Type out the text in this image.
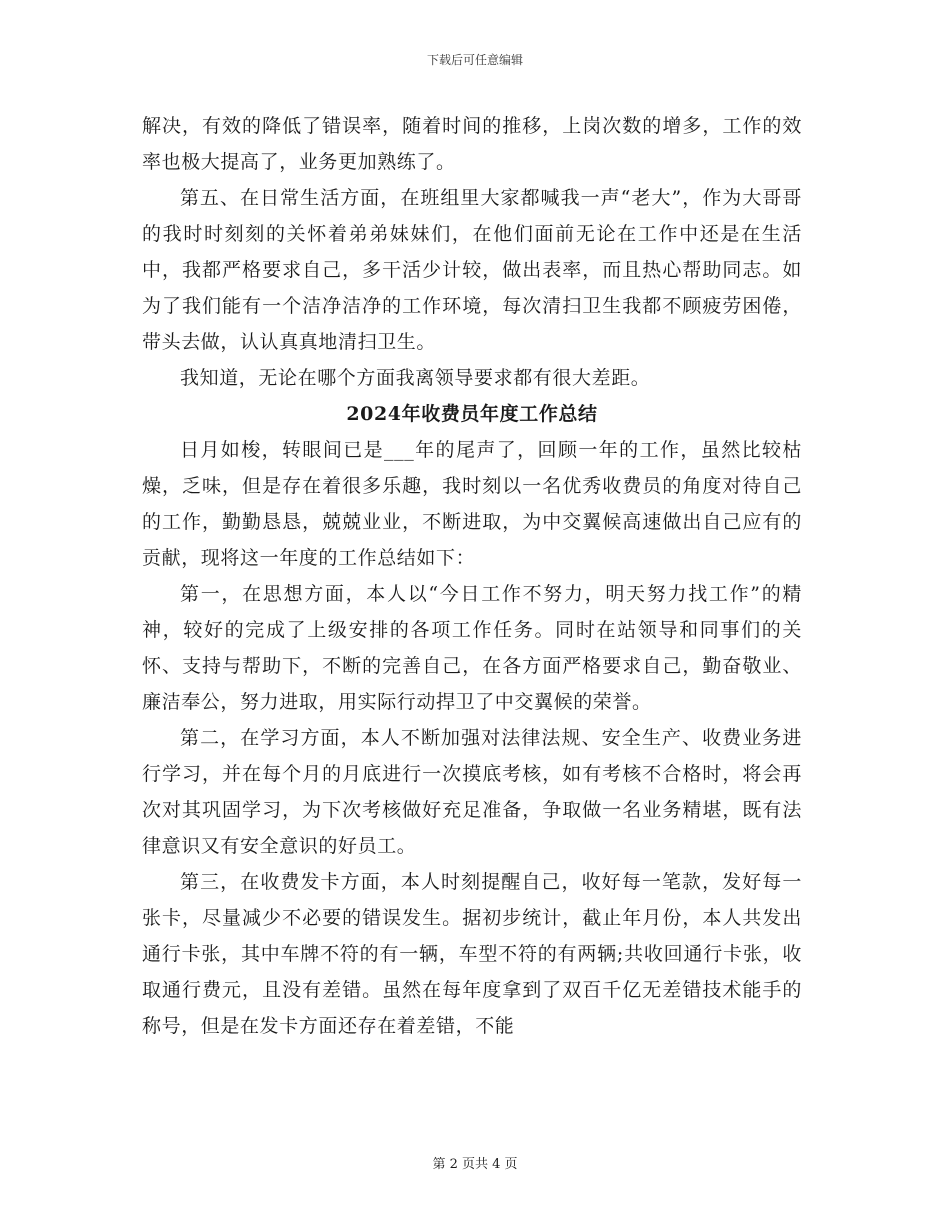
下载后可任意编辑

解决，有效的降低了错误率，随着时间的推移，上岗次数的增多，工作的效率也极大提高了，业务更加熟练了。

第五、在日常生活方面，在班组里大家都喊我一声“老大”，作为大哥哥的我时时刻刻的关怀着弟弟妹妹们，在他们面前无论在工作中还是在生活中，我都严格要求自己，多干活少计较，做出表率，而且热心帮助同志。如为了我们能有一个洁净洁净的工作环境，每次清扫卫生我都不顾疲劳困倦，带头去做，认认真真地清扫卫生。

我知道，无论在哪个方面我离领导要求都有很大差距。

2024年收费员年度工作总结

日月如梭，转眼间已是___年的尾声了，回顾一年的工作，虽然比较枯燥，乏味，但是存在着很多乐趣，我时刻以一名优秀收费员的角度对待自己的工作，勤勤恳恳，兢兢业业，不断进取，为中交翼候高速做出自己应有的贡献，现将这一年度的工作总结如下：

第一，在思想方面，本人以“今日工作不努力，明天努力找工作”的精神，较好的完成了上级安排的各项工作任务。同时在站领导和同事们的关怀、支持与帮助下，不断的完善自己，在各方面严格要求自己，勤奋敬业、廉洁奉公，努力进取，用实际行动捍卫了中交翼候的荣誉。

第二，在学习方面，本人不断加强对法律法规、安全生产、收费业务进行学习，并在每个月的月底进行一次摸底考核，如有考核不合格时，将会再次对其巩固学习，为下次考核做好充足准备，争取做一名业务精堪，既有法律意识又有安全意识的好员工。

第三，在收费发卡方面，本人时刻提醒自己，收好每一笔款，发好每一张卡，尽量减少不必要的错误发生。据初步统计，截止年月份，本人共发出通行卡张，其中车牌不符的有一辆，车型不符的有两辆;共收回通行卡张，收取通行费元，且没有差错。虽然在每年度拿到了双百千亿无差错技术能手的称号，但是在发卡方面还存在着差错，不能

第 2 页共 4 页
